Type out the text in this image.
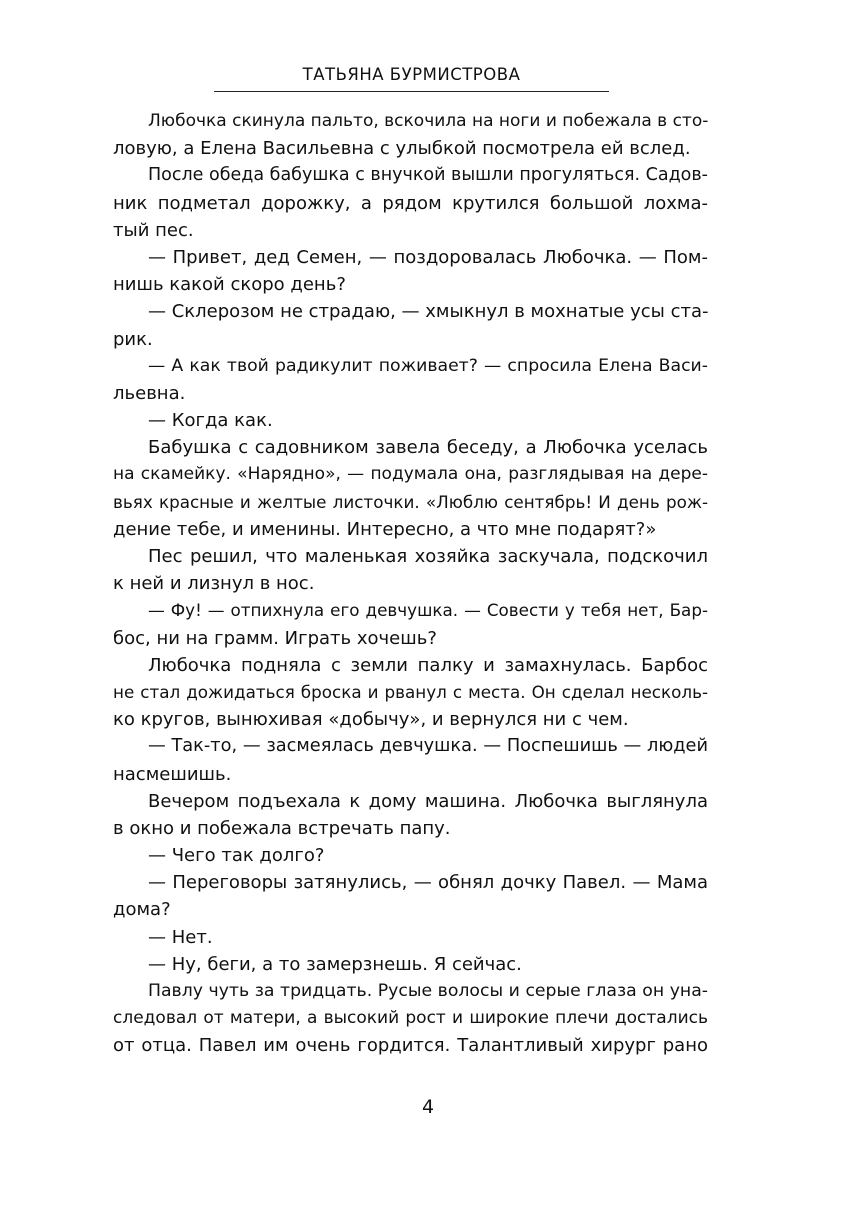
ТАТЬЯНА БУРМИСТРОВА
Любочка скинула пальто, вскочила на ноги и побежала в сто-
ловую, а Елена Васильевна с улыбкой посмотрела ей вслед.
После обеда бабушка с внучкой вышли прогуляться. Садов-
ник подметал дорожку, а рядом крутился большой лохма-
тый пес.
— Привет, дед Семен, — поздоровалась Любочка. — Пом-
нишь какой скоро день?
— Склерозом не страдаю, — хмыкнул в мохнатые усы ста-
рик.
— А как твой радикулит поживает? — спросила Елена Васи-
льевна.
— Когда как.
Бабушка с садовником завела беседу, а Любочка уселась
на скамейку. «Нарядно», — подумала она, разглядывая на дере-
вьях красные и желтые листочки. «Люблю сентябрь! И день рож-
дение тебе, и именины. Интересно, а что мне подарят?»
Пес решил, что маленькая хозяйка заскучала, подскочил
к ней и лизнул в нос.
— Фу! — отпихнула его девчушка. — Совести у тебя нет, Бар-
бос, ни на грамм. Играть хочешь?
Любочка подняла с земли палку и замахнулась. Барбос
не стал дожидаться броска и рванул с места. Он сделал несколь-
ко кругов, вынюхивая «добычу», и вернулся ни с чем.
— Так-то, — засмеялась девчушка. — Поспешишь — людей
насмешишь.
Вечером подъехала к дому машина. Любочка выглянула
в окно и побежала встречать папу.
— Чего так долго?
— Переговоры затянулись, — обнял дочку Павел. — Мама
дома?
— Нет.
— Ну, беги, а то замерзнешь. Я сейчас.
Павлу чуть за тридцать. Русые волосы и серые глаза он уна-
следовал от матери, а высокий рост и широкие плечи достались
от отца. Павел им очень гордится. Талантливый хирург рано
4
